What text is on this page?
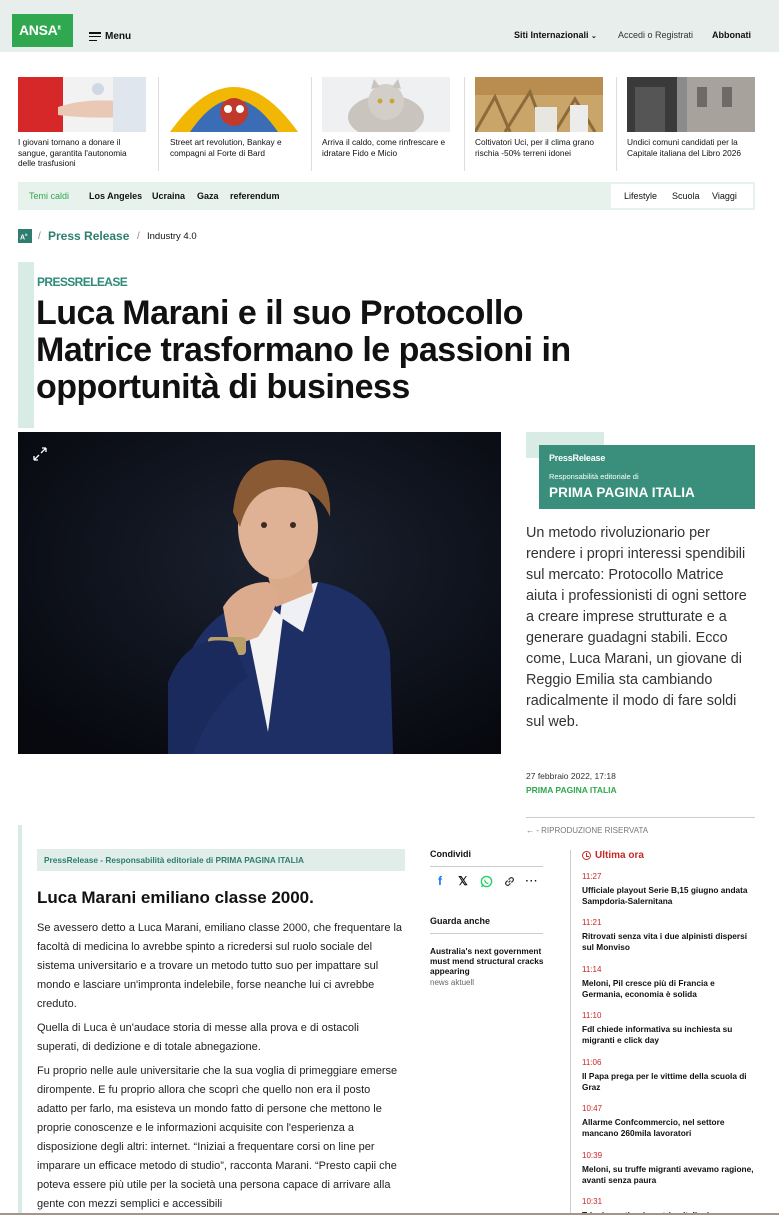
$ANSA^{it}$
Menu	Siti Internazionali ⌄ Accedi o Registrati Abbonati
I giovani tornano a donare il sangue, garantita l'autonomia delle trasfusioni
Street art revolution, Bankay e compagni al Forte di Bard
Arriva il caldo, come rinfrescare e idratare Fido e Micio
Coltivatori Uci, per il clima grano rischia -50% terreni idonei
Undici comuni candidati per la Capitale italiana del Libro 2026
Temi caldi Los Angeles Ucraina Gaza referendum	Lifestyle Scuola Viaggi
$A^{it}$	/ Press Release / Industry 4.0
PRESSRELEASE
Luca Marani e il suo Protocollo Matrice trasformano le passioni in opportunità di business
PressRelease
Responsabilità editoriale di
PRIMA PAGINA ITALIA

Un metodo rivoluzionario per rendere i propri interessi spendibili sul mercato: Protocollo Matrice aiuta i professionisti di ogni settore a creare imprese strutturate e a generare guadagni stabili. Ecco come, Luca Marani, un giovane di Reggio Emilia sta cambiando radicalmente il modo di fare soldi sul web.

27 febbraio 2022, 17:18
PRIMA PAGINA ITALIA
← - RIPRODUZIONE RISERVATA
PressRelease - Responsabilità editoriale di PRIMA PAGINA ITALIA
Luca Marani emiliano classe 2000.

Se avessero detto a Luca Marani, emiliano classe 2000, che frequentare la facoltà di medicina lo avrebbe spinto a ricredersi sul ruolo sociale del sistema universitario e a trovare un metodo tutto suo per impattare sul mondo e lasciare un'impronta indelebile, forse neanche lui ci avrebbe creduto.

Quella di Luca è un'audace storia di messe alla prova e di ostacoli superati, di dedizione e di totale abnegazione.

Fu proprio nelle aule universitarie che la sua voglia di primeggiare emerse dirompente. E fu proprio allora che scoprì che quello non era il posto adatto per farlo, ma esisteva un mondo fatto di persone che mettono le proprie conoscenze e le informazioni acquisite con l'esperienza a disposizione degli altri: internet. “Iniziai a frequentare corsi on line per imparare un efficace metodo di studio”, racconta Marani. “Presto capii che poteva essere più utile per la società una persona capace di arrivare alla gente con mezzi semplici e accessibili

Condividi
f	𝕏	···
Guarda anche
Australia's next government must mend structural cracks appearing
news aktuell
Ultima ora
11:27
Ufficiale playout Serie B,15 giugno andata Sampdoria-Salernitana
11:21
Ritrovati senza vita i due alpinisti dispersi sul Monviso
11:14
Meloni, Pil cresce più di Francia e Germania, economia è solida
11:10
FdI chiede informativa su inchiesta su migranti e click day
11:06
Il Papa prega per le vittime della scuola di Graz
10:47
Allarme Confcommercio, nel settore mancano 260mila lavoratori
10:39
Meloni, su truffe migranti avevamo ragione, avanti senza paura
10:31
